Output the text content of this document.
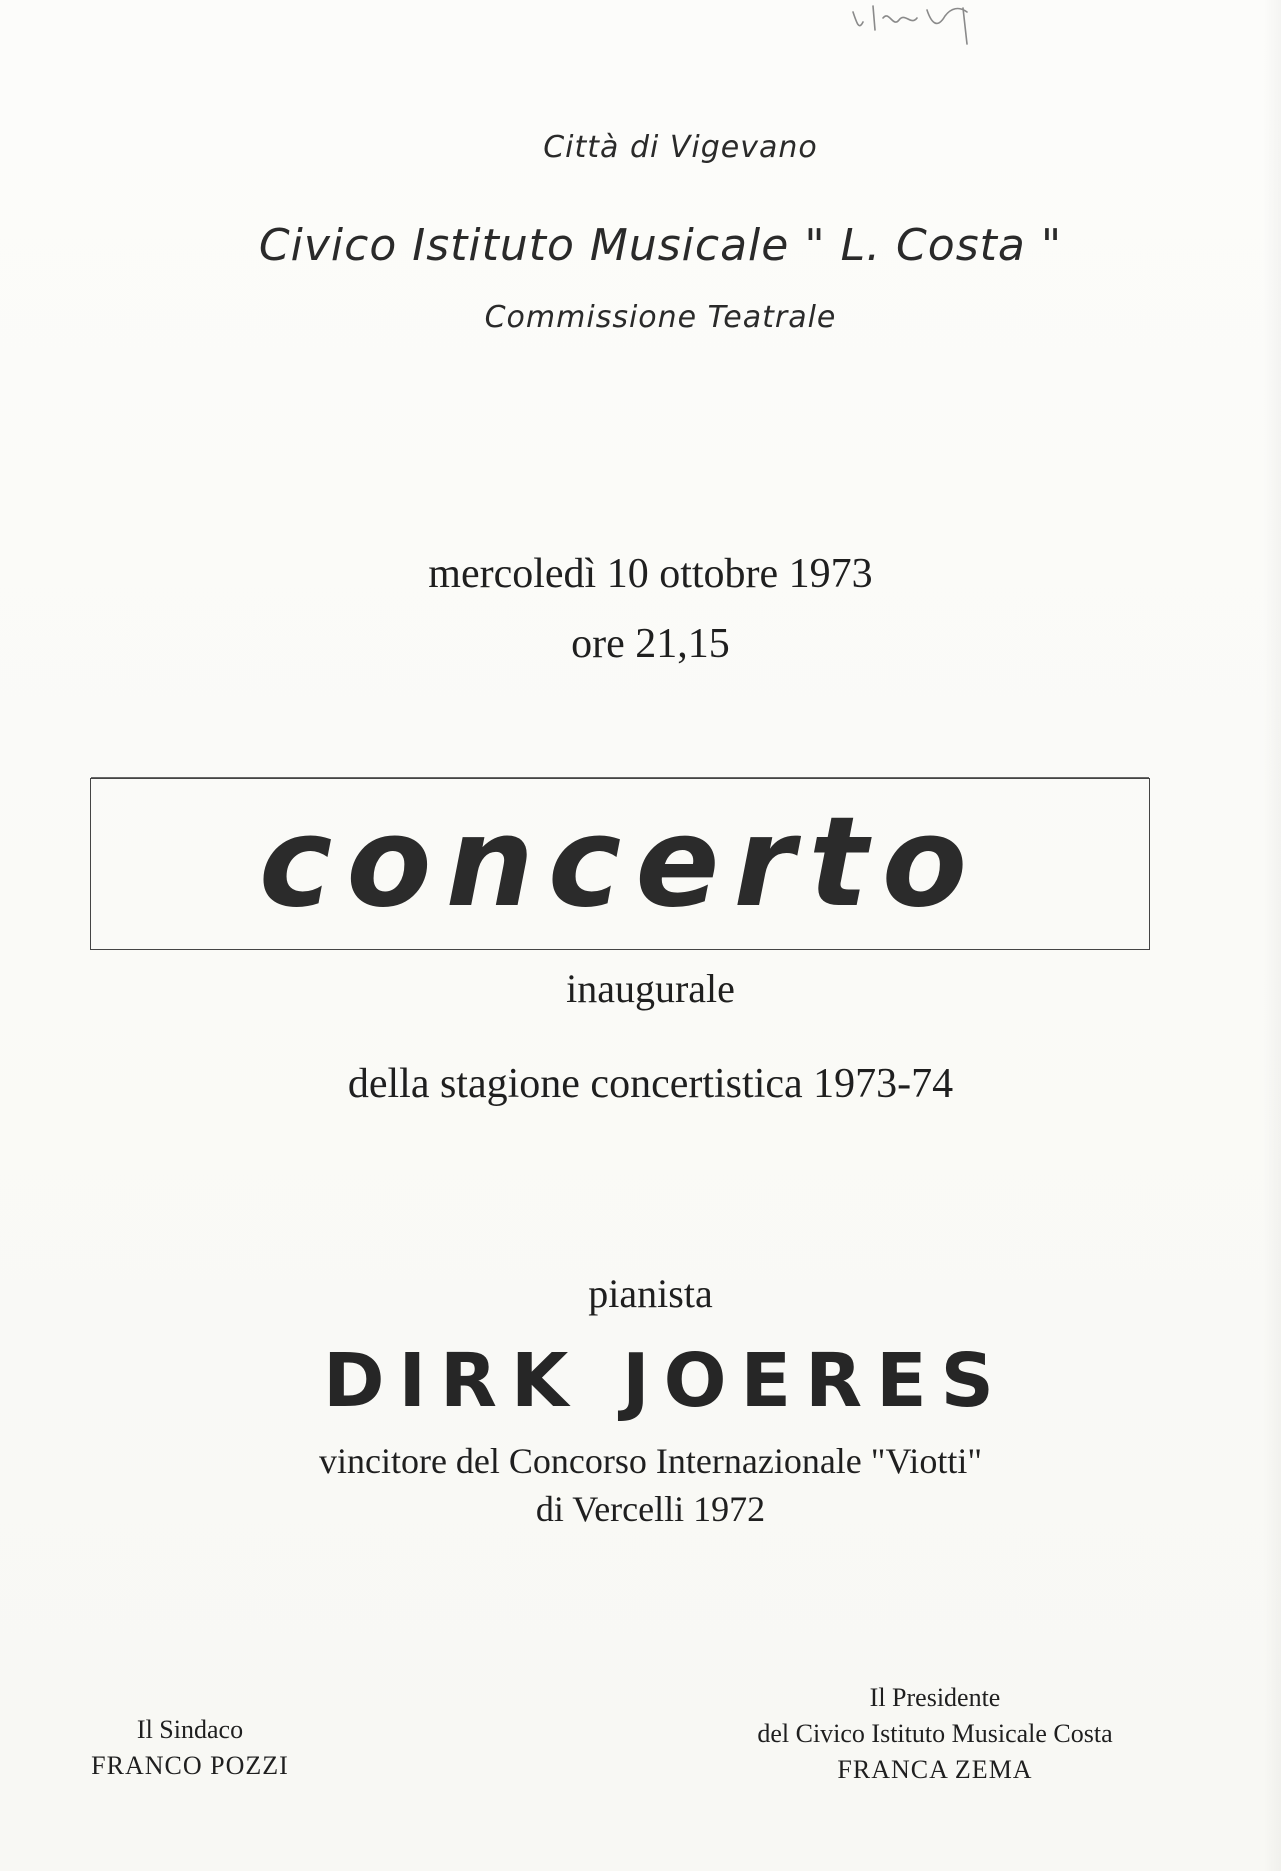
Città di Vigevano
Civico Istituto Musicale " L. Costa "
Commissione Teatrale
mercoledì 10 ottobre 1973
ore 21,15
concerto
inaugurale
della stagione concertistica 1973-74
pianista
DIRK JOERES
vincitore del Concorso Internazionale "Viotti"
di Vercelli 1972
Il Sindaco
FRANCO POZZI
Il Presidente
del Civico Istituto Musicale Costa
FRANCA ZEMA
